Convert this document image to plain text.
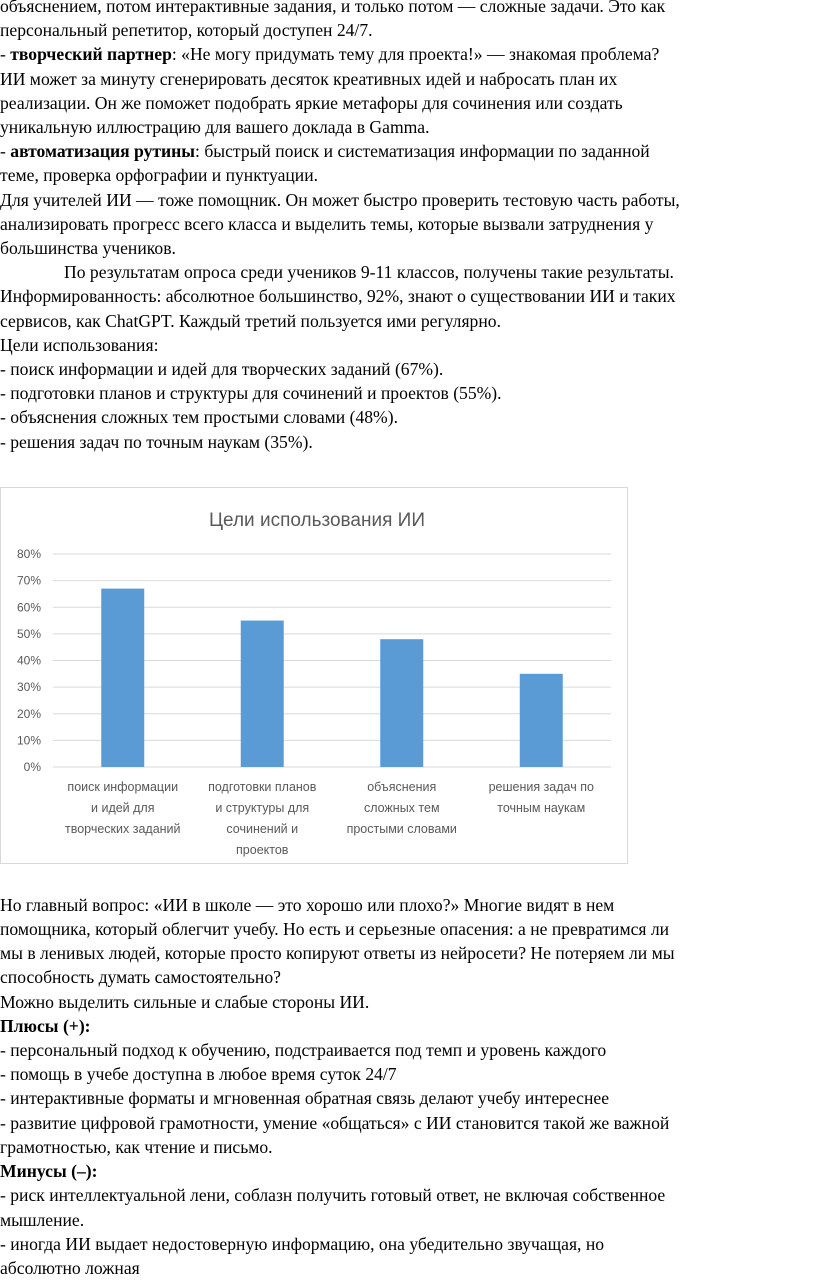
объяснением, потом интерактивные задания, и только потом — сложные задачи. Это как

персональный репетитор, который доступен 24/7.

- творческий партнер: «Не могу придумать тему для проекта!» — знакомая проблема?

ИИ может за минуту сгенерировать десяток креативных идей и набросать план их

реализации. Он же поможет подобрать яркие метафоры для сочинения или создать

уникальную иллюстрацию для вашего доклада в Gamma.

- автоматизация рутины: быстрый поиск и систематизация информации по заданной

теме, проверка орфографии и пунктуации.

Для учителей ИИ — тоже помощник. Он может быстро проверить тестовую часть работы,

анализировать прогресс всего класса и выделить темы, которые вызвали затруднения у

большинства учеников.

По результатам опроса среди учеников 9-11 классов, получены такие результаты.

Информированность: абсолютное большинство, 92%, знают о существовании ИИ и таких

сервисов, как ChatGPT. Каждый третий пользуется ими регулярно.

Цели использования:

- поиск информации и идей для творческих заданий (67%).

- подготовки планов и структуры для сочинений и проектов (55%).

- объяснения сложных тем простыми словами (48%).

- решения задач по точным наукам (35%).

Цели использования ИИ
0%
10%
20%
30%
40%
50%
60%
70%
80%
поиск информации
и идей для
творческих заданий
подготовки планов
и структуры для
сочинений и
проектов
объяснения
сложных тем
простыми словами
решения задач по
точным наукам

Но главный вопрос: «ИИ в школе — это хорошо или плохо?» Многие видят в нем

помощника, который облегчит учебу. Но есть и серьезные опасения: а не превратимся ли

мы в ленивых людей, которые просто копируют ответы из нейросети? Не потеряем ли мы

способность думать самостоятельно?

Можно выделить сильные и слабые стороны ИИ.

Плюсы (+):

- персональный подход к обучению, подстраивается под темп и уровень каждого

- помощь в учебе доступна в любое время суток 24/7

- интерактивные форматы и мгновенная обратная связь делают учебу интереснее

- развитие цифровой грамотности, умение «общаться» с ИИ становится такой же важной

грамотностью, как чтение и письмо.

Минусы (–):

- риск интеллектуальной лени, соблазн получить готовый ответ, не включая собственное

мышление.

- иногда ИИ выдает недостоверную информацию, она убедительно звучащая, но

абсолютно ложная
